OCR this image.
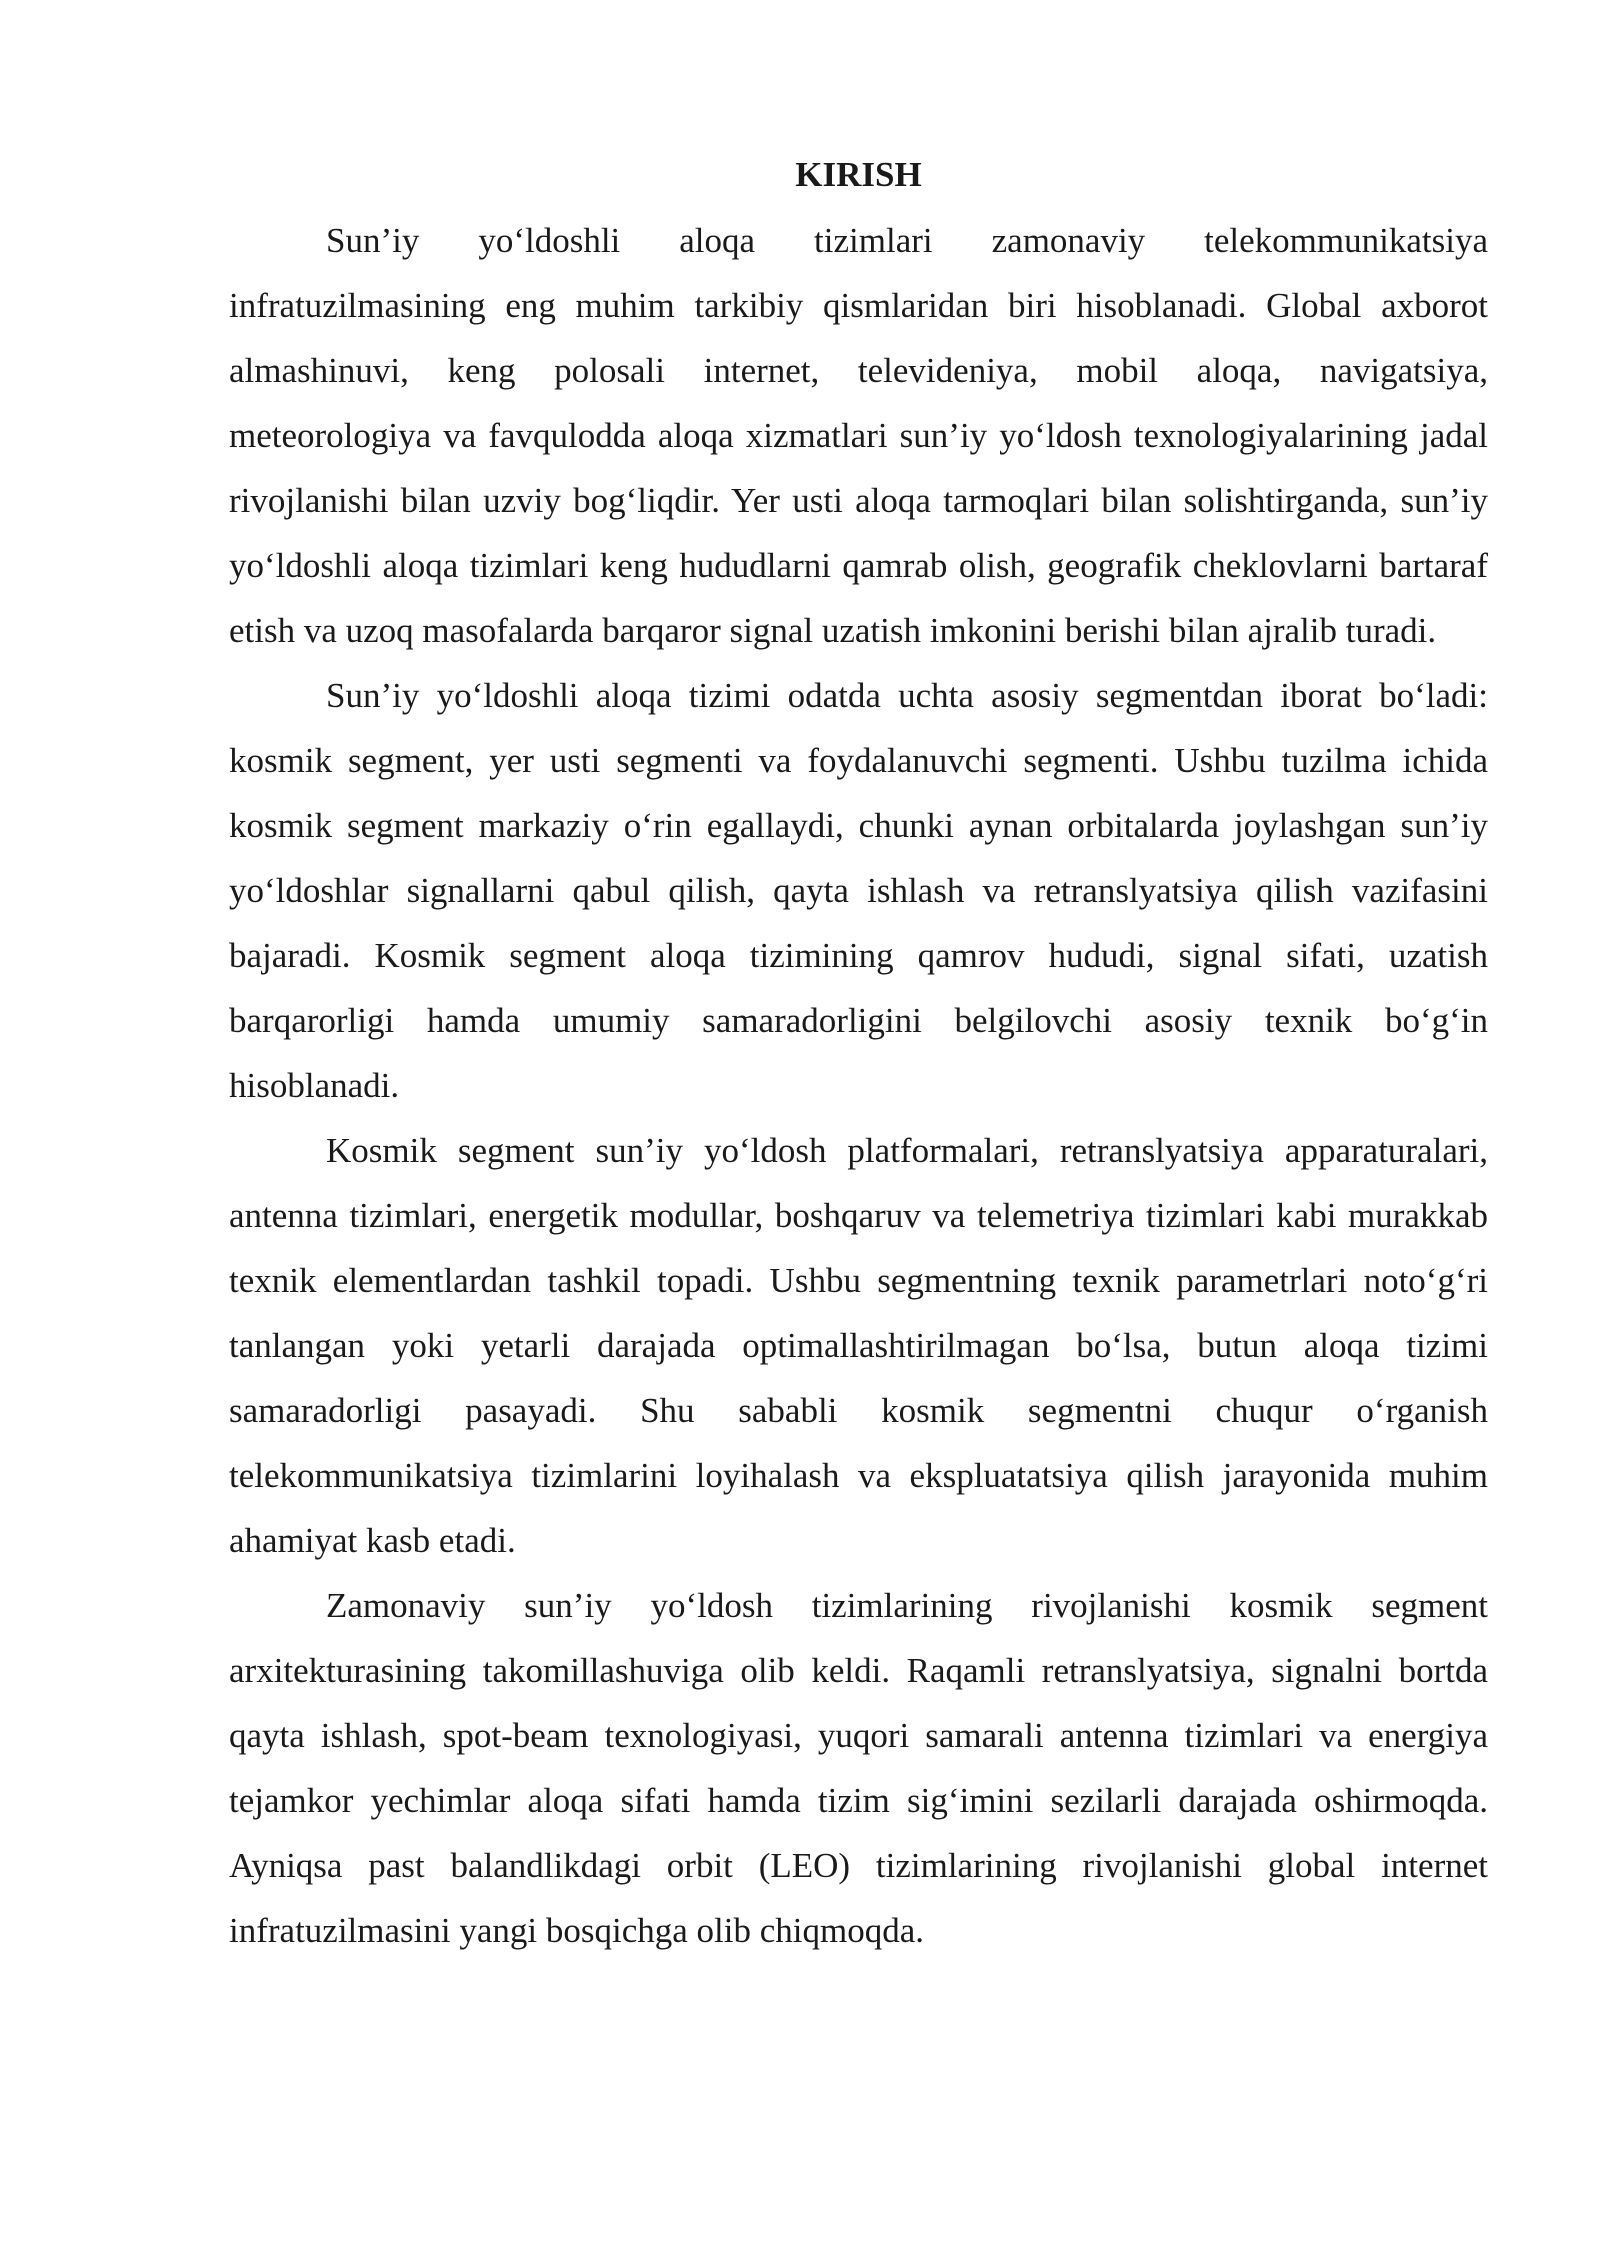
KIRISH

Sun’iy yo‘ldoshli aloqa tizimlari zamonaviy telekommunikatsiya infratuzilmasining eng muhim tarkibiy qismlaridan biri hisoblanadi. Global axborot almashinuvi, keng polosali internet, televideniya, mobil aloqa, navigatsiya, meteorologiya va favqulodda aloqa xizmatlari sun’iy yo‘ldosh texnologiyalarining jadal rivojlanishi bilan uzviy bog‘liqdir. Yer usti aloqa tarmoqlari bilan solishtirganda, sun’iy yo‘ldoshli aloqa tizimlari keng hududlarni qamrab olish, geografik cheklovlarni bartaraf etish va uzoq masofalarda barqaror signal uzatish imkonini berishi bilan ajralib turadi.

Sun’iy yo‘ldoshli aloqa tizimi odatda uchta asosiy segmentdan iborat bo‘ladi: kosmik segment, yer usti segmenti va foydalanuvchi segmenti. Ushbu tuzilma ichida kosmik segment markaziy o‘rin egallaydi, chunki aynan orbitalarda joylashgan sun’iy yo‘ldoshlar signallarni qabul qilish, qayta ishlash va retranslyatsiya qilish vazifasini bajaradi. Kosmik segment aloqa tizimining qamrov hududi, signal sifati, uzatish barqarorligi hamda umumiy samaradorligini belgilovchi asosiy texnik bo‘g‘in hisoblanadi.

Kosmik segment sun’iy yo‘ldosh platformalari, retranslyatsiya apparaturalari, antenna tizimlari, energetik modullar, boshqaruv va telemetriya tizimlari kabi murakkab texnik elementlardan tashkil topadi. Ushbu segmentning texnik parametrlari noto‘g‘ri tanlangan yoki yetarli darajada optimallashtirilmagan bo‘lsa, butun aloqa tizimi samaradorligi pasayadi. Shu sababli kosmik segmentni chuqur o‘rganish telekommunikatsiya tizimlarini loyihalash va ekspluatatsiya qilish jarayonida muhim ahamiyat kasb etadi.

Zamonaviy sun’iy yo‘ldosh tizimlarining rivojlanishi kosmik segment arxitekturasining takomillashuviga olib keldi. Raqamli retranslyatsiya, signalni bortda qayta ishlash, spot-beam texnologiyasi, yuqori samarali antenna tizimlari va energiya tejamkor yechimlar aloqa sifati hamda tizim sig‘imini sezilarli darajada oshirmoqda. Ayniqsa past balandlikdagi orbit (LEO) tizimlarining rivojlanishi global internet infratuzilmasini yangi bosqichga olib chiqmoqda.
